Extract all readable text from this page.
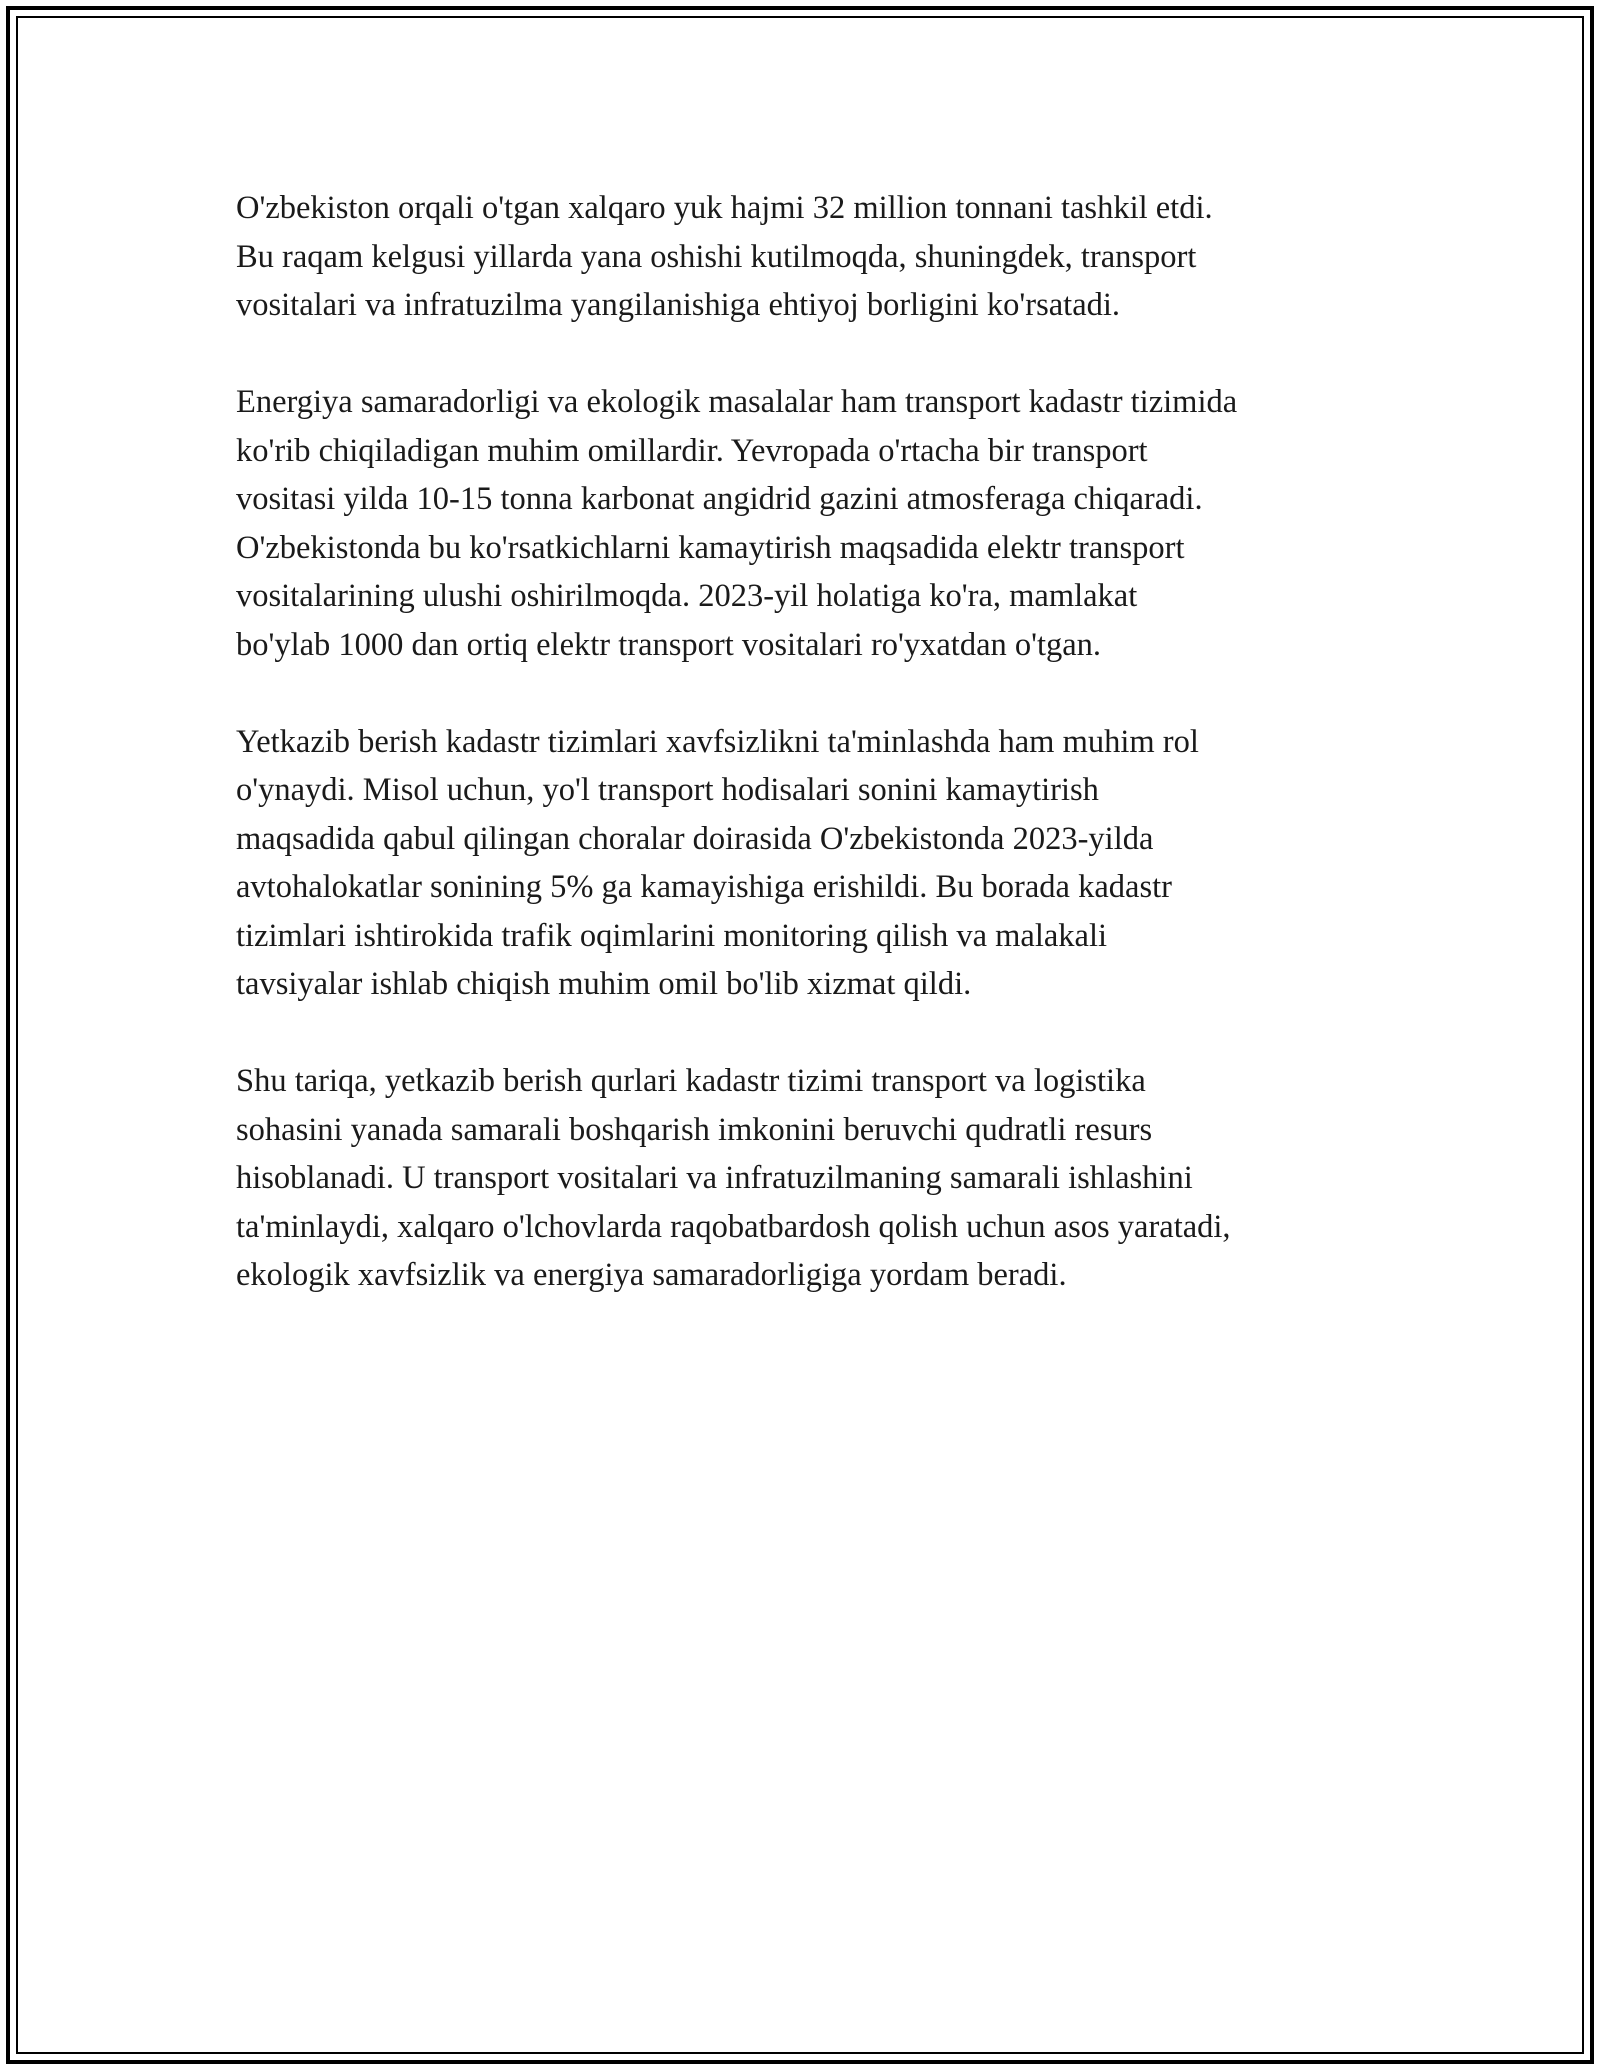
O'zbekiston orqali o'tgan xalqaro yuk hajmi 32 million tonnani tashkil etdi.
Bu raqam kelgusi yillarda yana oshishi kutilmoqda, shuningdek, transport
vositalari va infratuzilma yangilanishiga ehtiyoj borligini ko'rsatadi.

Energiya samaradorligi va ekologik masalalar ham transport kadastr tizimida
ko'rib chiqiladigan muhim omillardir. Yevropada o'rtacha bir transport
vositasi yilda 10-15 tonna karbonat angidrid gazini atmosferaga chiqaradi.
O'zbekistonda bu ko'rsatkichlarni kamaytirish maqsadida elektr transport
vositalarining ulushi oshirilmoqda. 2023-yil holatiga ko'ra, mamlakat
bo'ylab 1000 dan ortiq elektr transport vositalari ro'yxatdan o'tgan.

Yetkazib berish kadastr tizimlari xavfsizlikni ta'minlashda ham muhim rol
o'ynaydi. Misol uchun, yo'l transport hodisalari sonini kamaytirish
maqsadida qabul qilingan choralar doirasida O'zbekistonda 2023-yilda
avtohalokatlar sonining 5% ga kamayishiga erishildi. Bu borada kadastr
tizimlari ishtirokida trafik oqimlarini monitoring qilish va malakali
tavsiyalar ishlab chiqish muhim omil bo'lib xizmat qildi.

Shu tariqa, yetkazib berish qurlari kadastr tizimi transport va logistika
sohasini yanada samarali boshqarish imkonini beruvchi qudratli resurs
hisoblanadi. U transport vositalari va infratuzilmaning samarali ishlashini
ta'minlaydi, xalqaro o'lchovlarda raqobatbardosh qolish uchun asos yaratadi,
ekologik xavfsizlik va energiya samaradorligiga yordam beradi.
